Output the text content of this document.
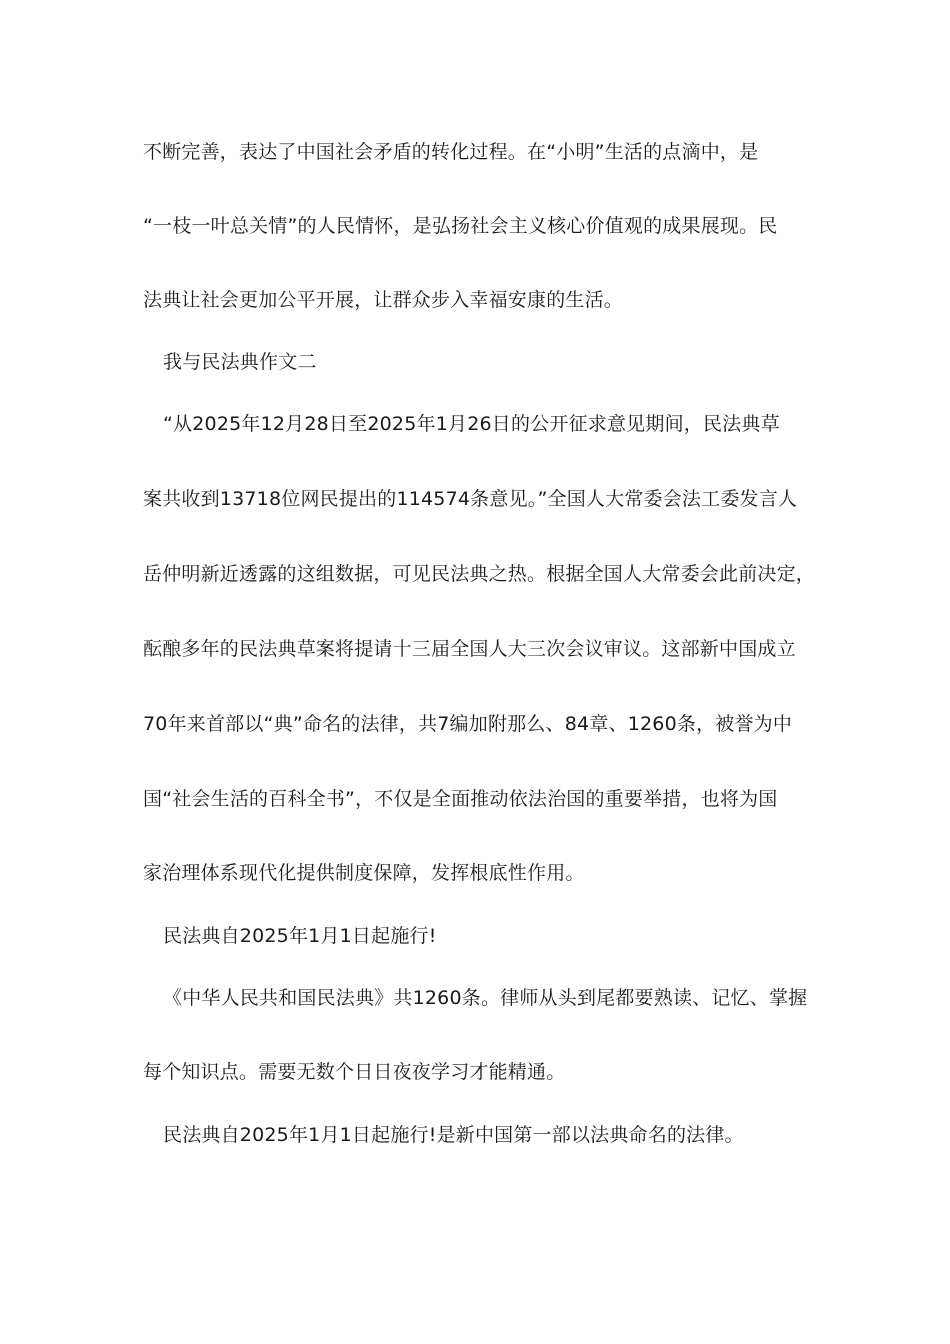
不断完善，表达了中国社会矛盾的转化过程。在“小明”生活的点滴中，是
“一枝一叶总关情”的人民情怀，是弘扬社会主义核心价值观的成果展现。民
法典让社会更加公平开展，让群众步入幸福安康的生活。
我与民法典作文二
“从2025年12月28日至2025年1月26日的公开征求意见期间，民法典草
案共收到13718位网民提出的114574条意见。”全国人大常委会法工委发言人
岳仲明新近透露的这组数据，可见民法典之热。根据全国人大常委会此前决定，
酝酿多年的民法典草案将提请十三届全国人大三次会议审议。这部新中国成立
70年来首部以“典”命名的法律，共7编加附那么、84章、1260条，被誉为中
国“社会生活的百科全书”，不仅是全面推动依法治国的重要举措，也将为国
家治理体系现代化提供制度保障，发挥根底性作用。
民法典自2025年1月1日起施行!
《中华人民共和国民法典》共1260条。律师从头到尾都要熟读、记忆、掌握
每个知识点。需要无数个日日夜夜学习才能精通。
民法典自2025年1月1日起施行!是新中国第一部以法典命名的法律。
